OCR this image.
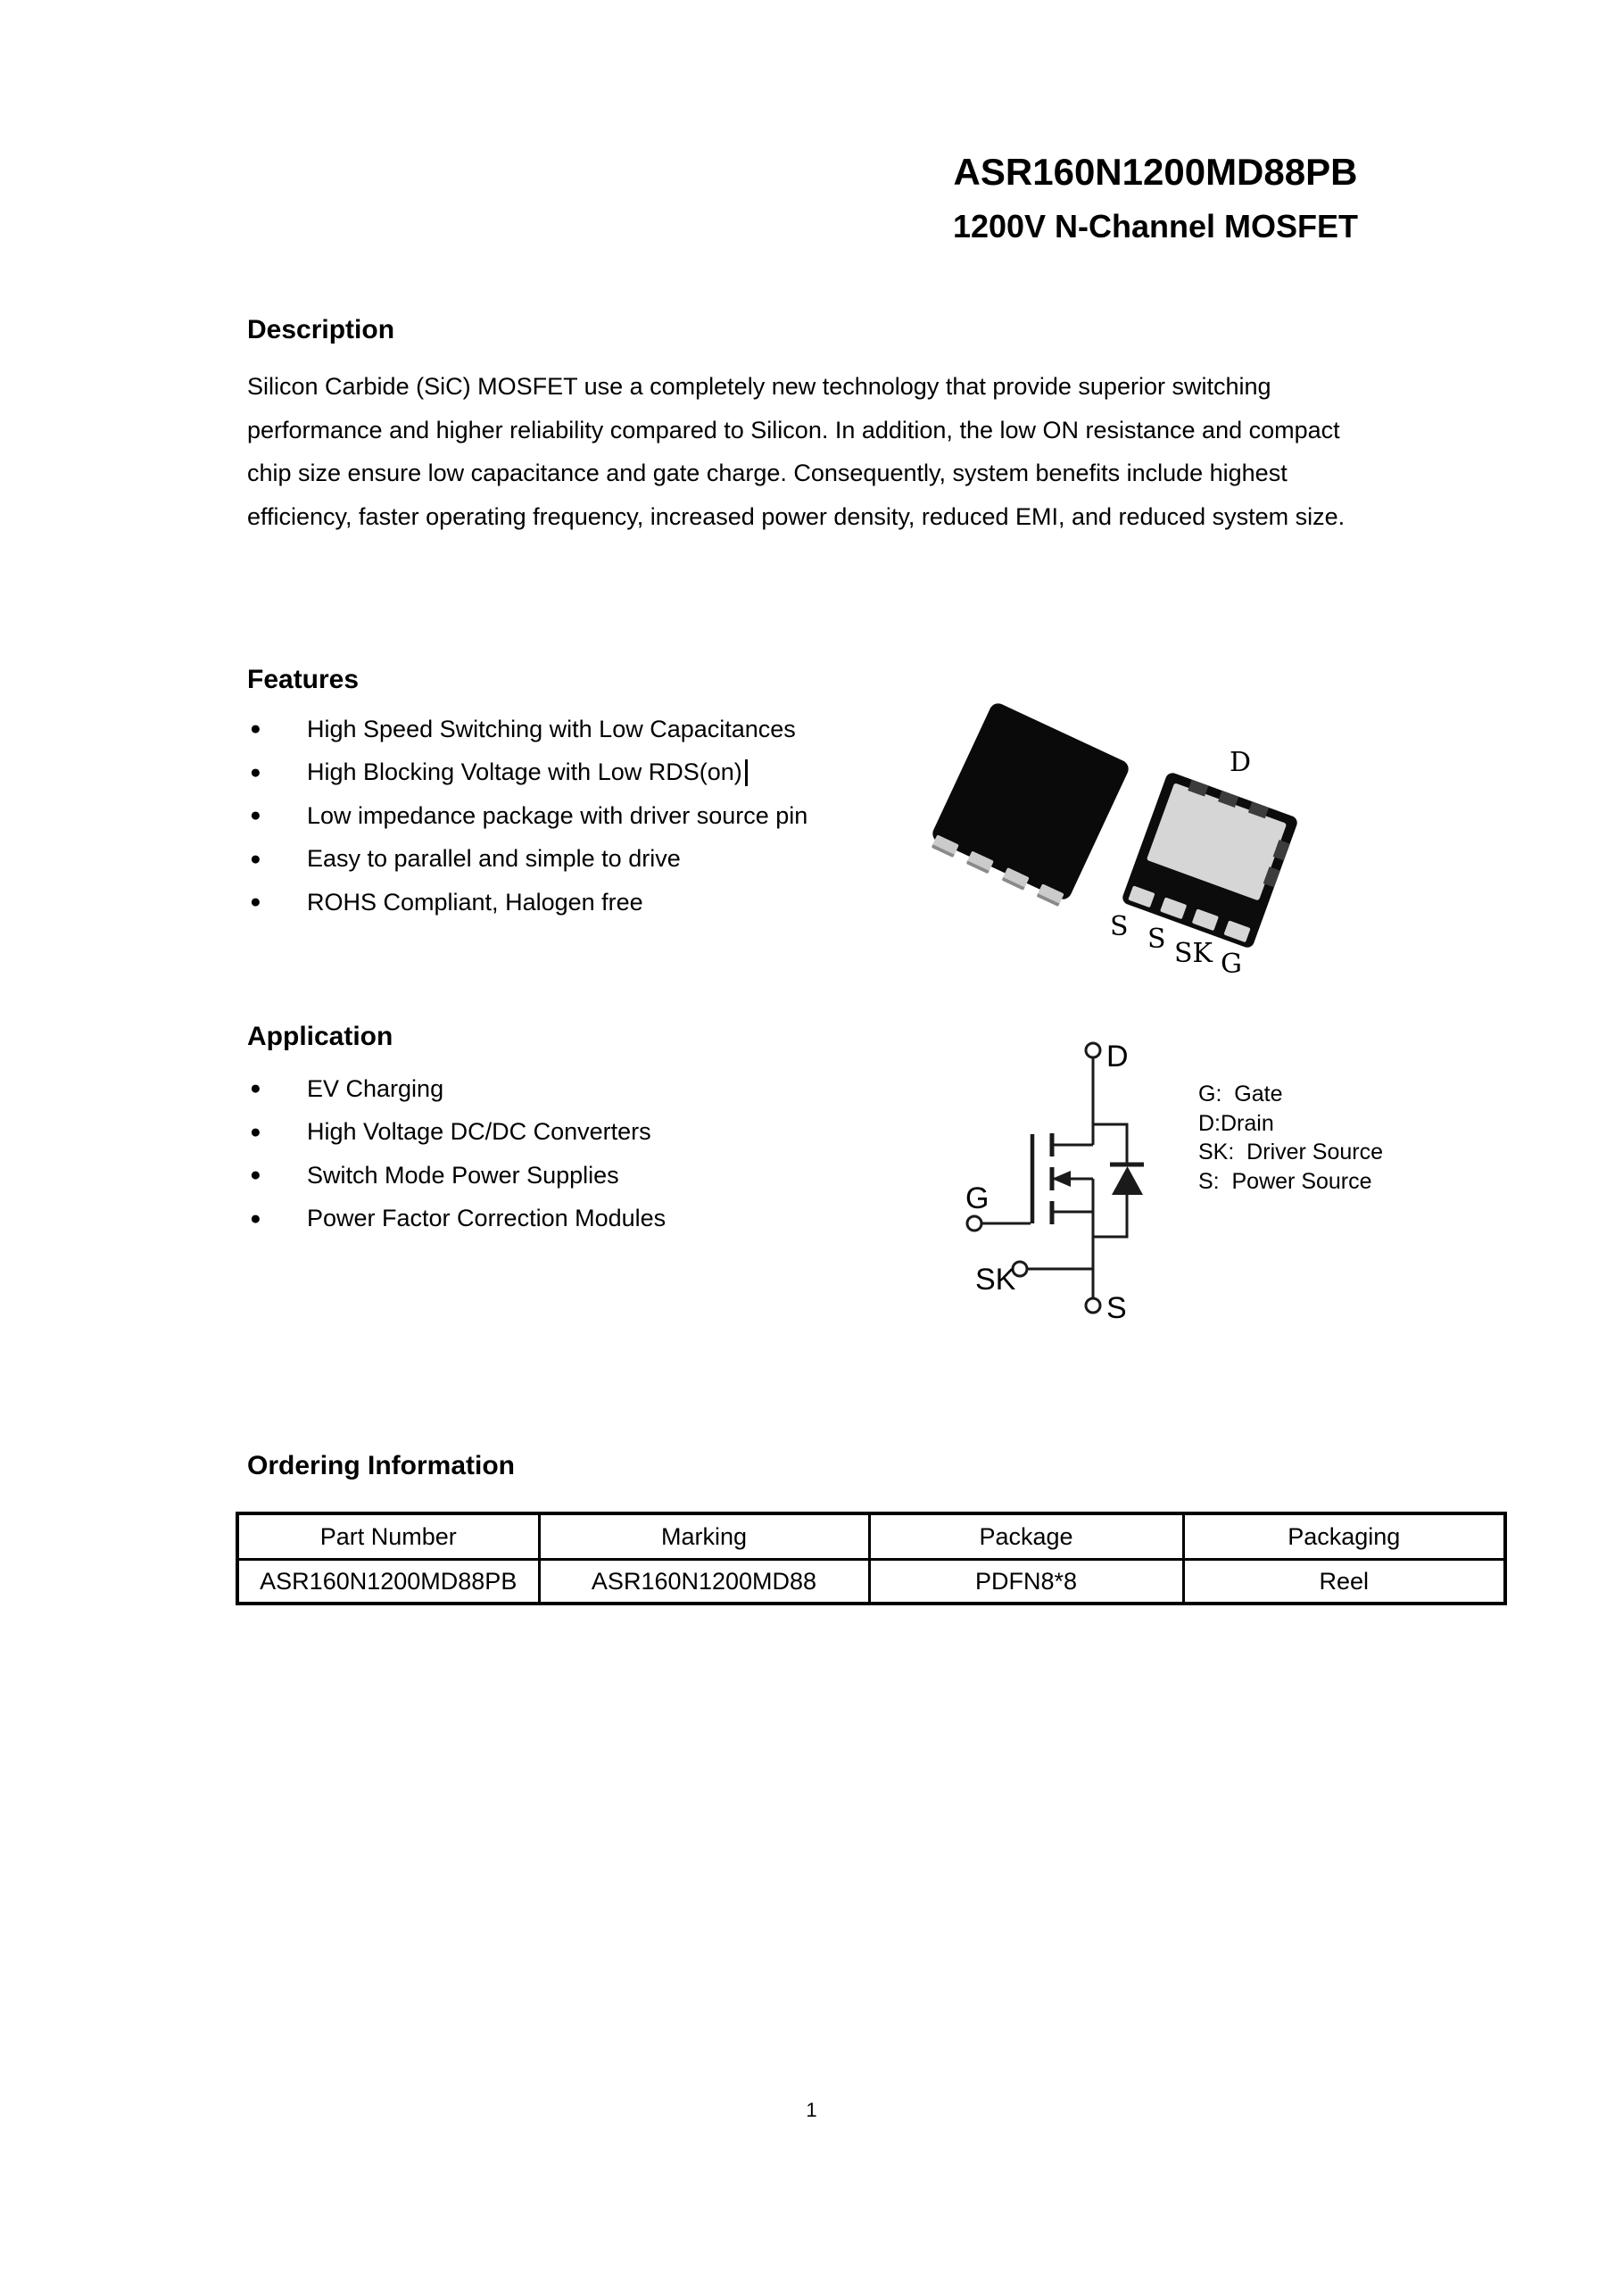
ASR160N1200MD88PB
1200V N-Channel MOSFET
Description

Silicon Carbide (SiC) MOSFET use a completely new technology that provide superior switching performance and higher reliability compared to Silicon. In addition, the low ON resistance and compact chip size ensure low capacitance and gate charge. Consequently, system benefits include highest efficiency, faster operating frequency, increased power density, reduced EMI, and reduced system size.

Features
●	High Speed Switching with Low Capacitances
●	High Blocking Voltage with Low RDS(on)
●	Low impedance package with driver source pin
●	Easy to parallel and simple to drive
●	ROHS Compliant, Halogen free
D
S S SK G
Application
●	EV Charging
●	High Voltage DC/DC Converters
●	Switch Mode Power Supplies
●	Power Factor Correction Modules
D
G
SK
S
G:  Gate
D:Drain
SK:  Driver Source
S:  Power Source
Ordering Information
Part Number	Marking	Package	Packaging
ASR160N1200MD88PB	ASR160N1200MD88	PDFN8*8	Reel
1
